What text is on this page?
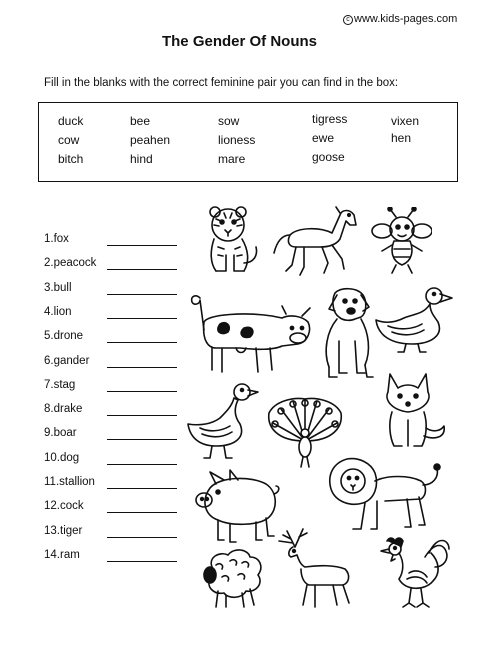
c www.kids-pages.com
The Gender Of Nouns
Fill in the blanks with the correct feminine pair you can find in the box:
duck
cow
bitch
bee
peahen
hind
sow
lioness
mare
tigress
ewe
goose
vixen
hen
1.fox
2.peacock
3.bull
4.lion
5.drone
6.gander
7.stag
8.drake
9.boar
10.dog
11.stallion
12.cock
13.tiger
14.ram
